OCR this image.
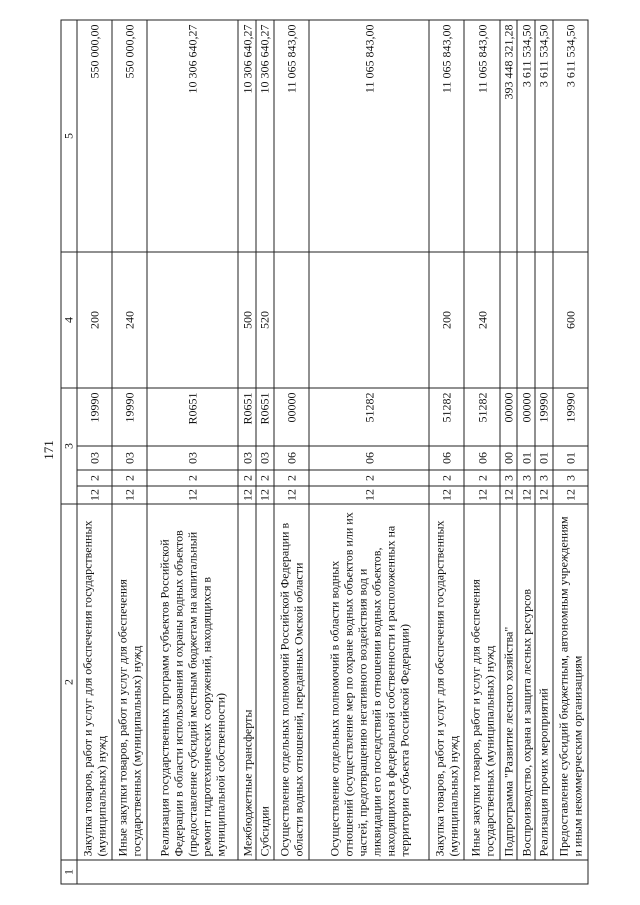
171
1	2	3				4	5
	Закупка товаров, работ и услуг для обеспечения государственных (муниципальных) нужд	12	2	03	19990	200	550 000,00
	Иные закупки товаров, работ и услуг для обеспечения государственных (муниципальных) нужд	12	2	03	19990	240	550 000,00
	Реализация государственных программ субъектов Российской Федерации в области использования и охраны водных объектов (предоставление субсидий местным бюджетам на капитальный ремонт гидротехнических сооружений, находящихся в муниципальной собственности)	12	2	03	R0651		10 306 640,27
	Межбюджетные трансферты	12	2	03	R0651	500	10 306 640,27
	Субсидии	12	2	03	R0651	520	10 306 640,27
	Осуществление отдельных полномочий Российской Федерации в области водных отношений, переданных Омской области	12	2	06	00000		11 065 843,00
	Осуществление отдельных полномочий в области водных отношений (осуществление мер по охране водных объектов или их частей, предотвращению негативного воздействия вод и ликвидации его последствий в отношении водных объектов, находящихся в федеральной собственности и расположенных на территории субъекта Российской Федерации)	12	2	06	51282		11 065 843,00
	Закупка товаров, работ и услуг для обеспечения государственных (муниципальных) нужд	12	2	06	51282	200	11 065 843,00
	Иные закупки товаров, работ и услуг для обеспечения государственных (муниципальных) нужд	12	2	06	51282	240	11 065 843,00
	Подпрограмма "Развитие лесного хозяйства"	12	3	00	00000		393 448 321,28
	Воспроизводство, охрана и защита лесных ресурсов	12	3	01	00000		3 611 534,50
	Реализация прочих мероприятий	12	3	01	19990		3 611 534,50
	Предоставление субсидий бюджетным, автономным учреждениям и иным некоммерческим организациям	12	3	01	19990	600	3 611 534,50
